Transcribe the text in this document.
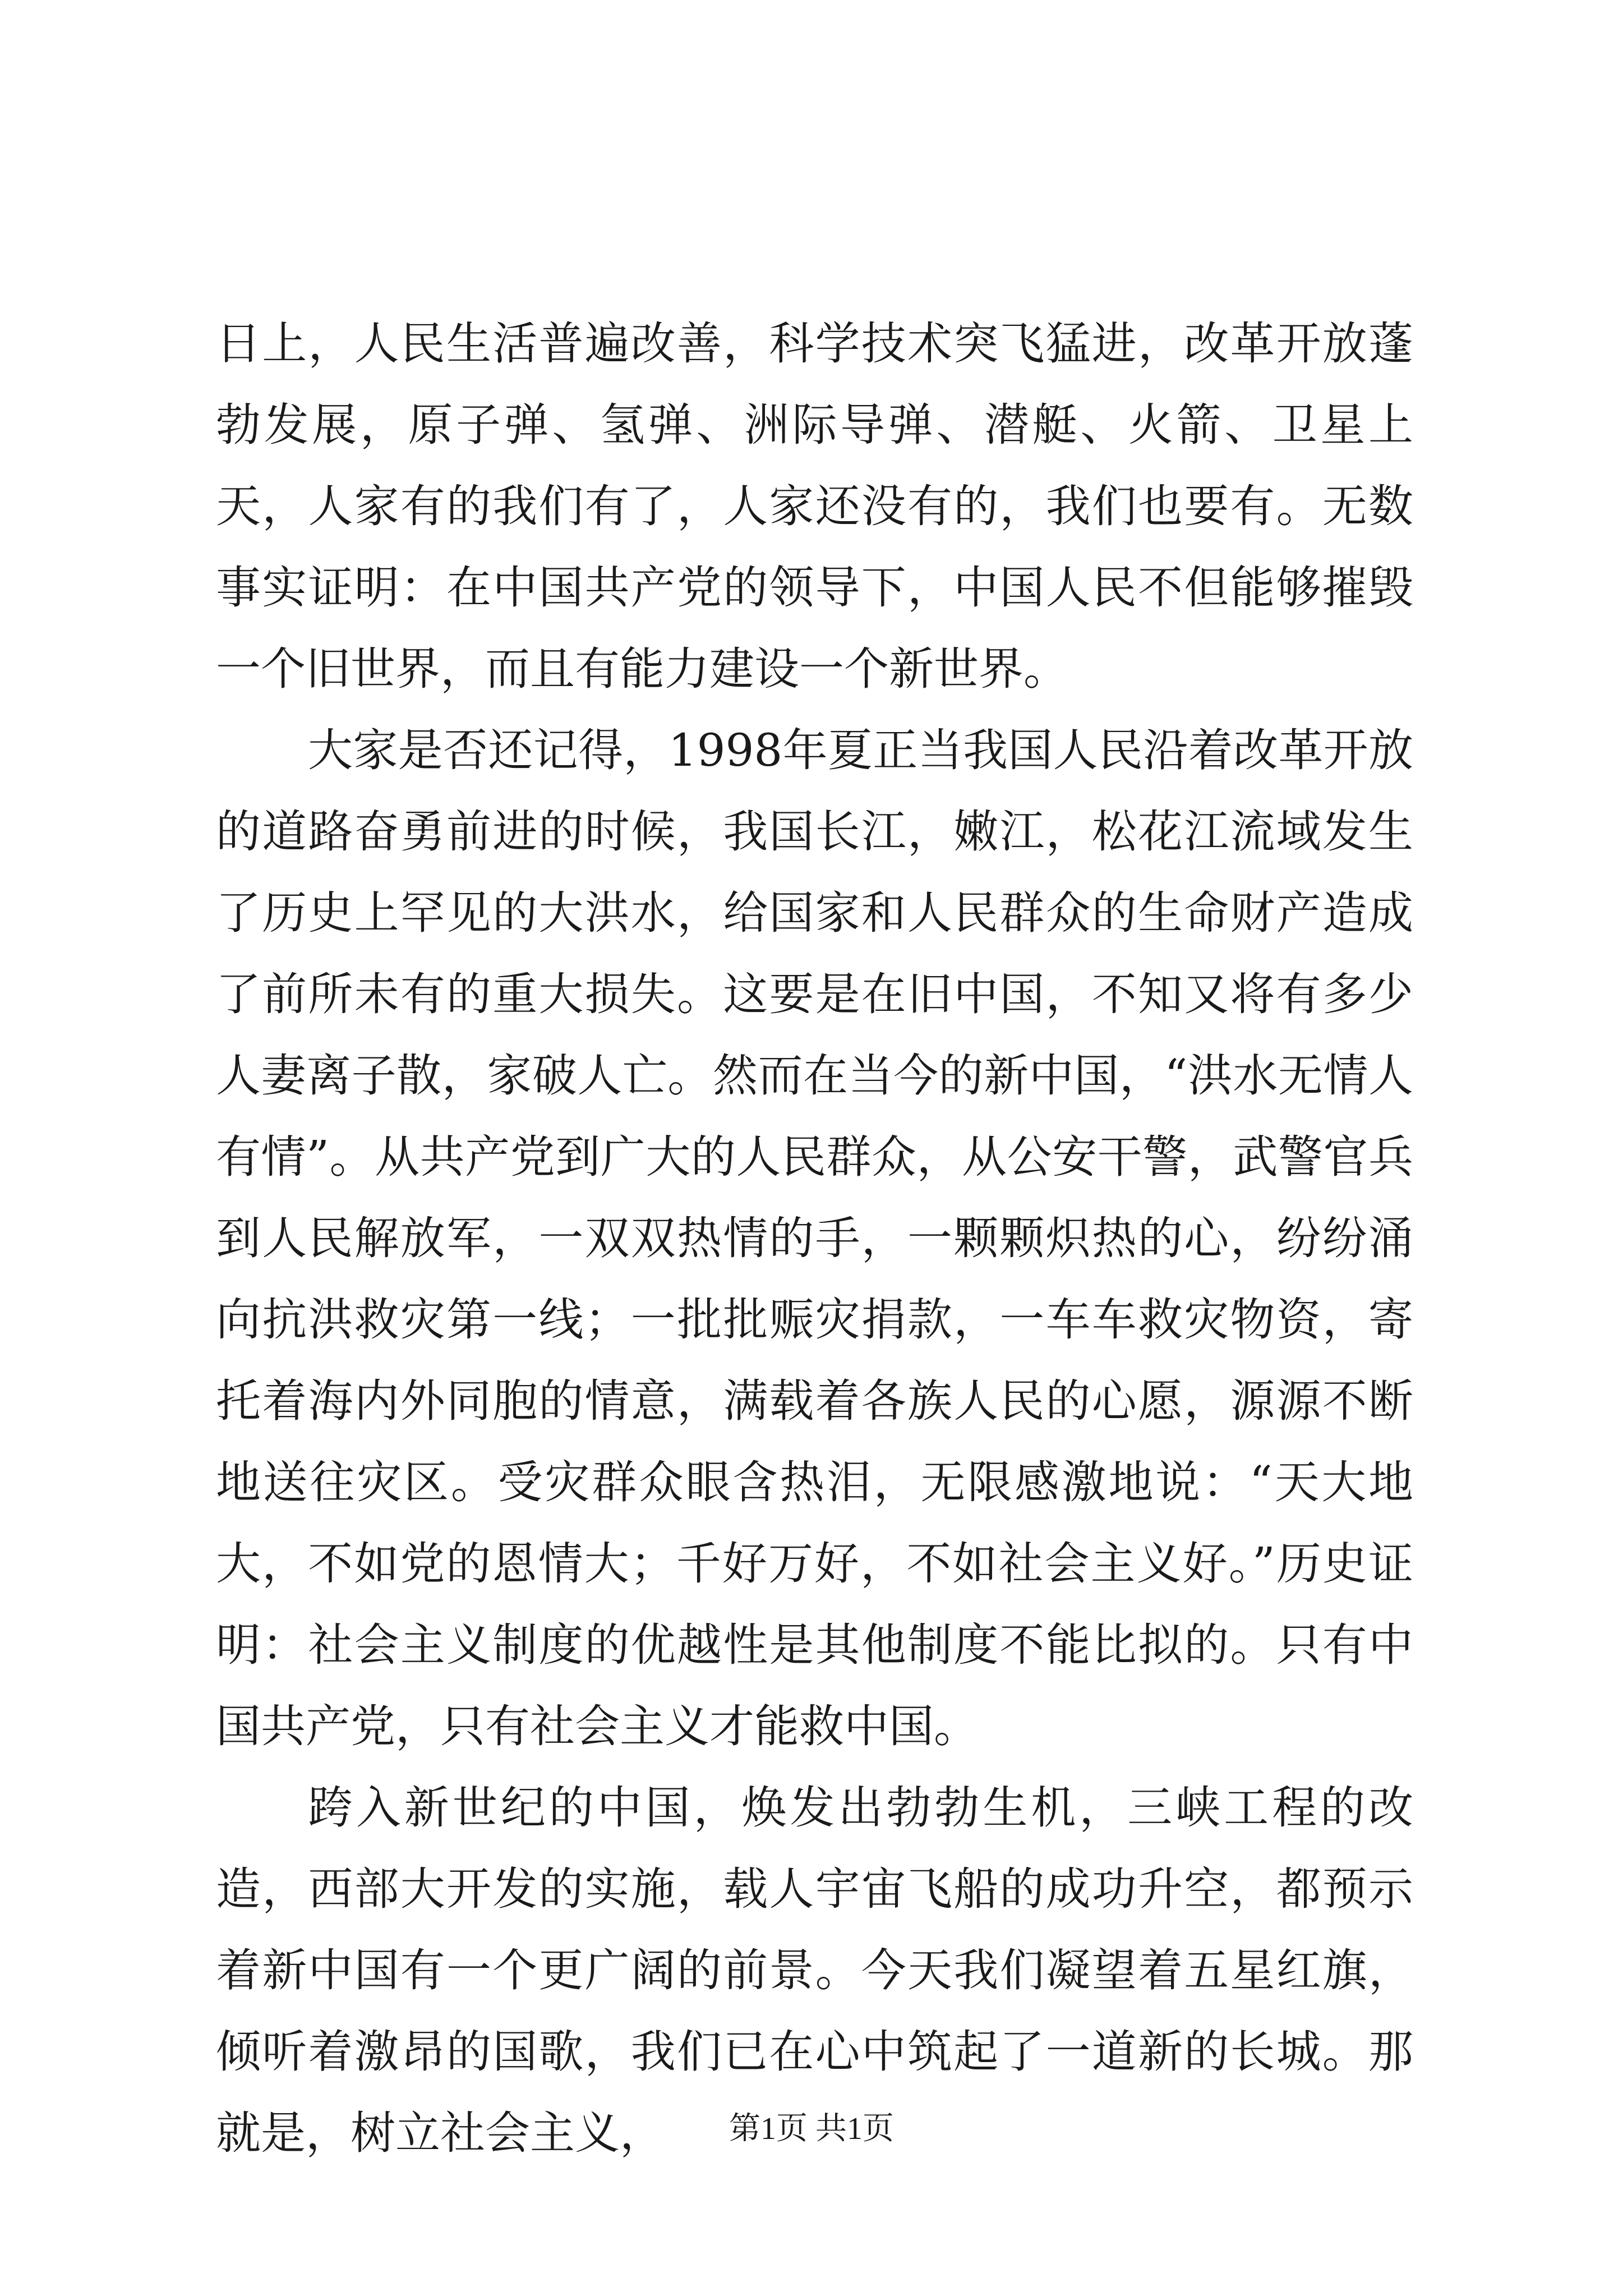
日上，人民生活普遍改善，科学技术突飞猛进，改革开放蓬勃发展，原子弹、氢弹、洲际导弹、潜艇、火箭、卫星上天，人家有的我们有了，人家还没有的，我们也要有。无数事实证明：在中国共产党的领导下，中国人民不但能够摧毁一个旧世界，而且有能力建设一个新世界。

大家是否还记得，1998年夏正当我国人民沿着改革开放的道路奋勇前进的时候，我国长江，嫩江，松花江流域发生了历史上罕见的大洪水，给国家和人民群众的生命财产造成了前所未有的重大损失。这要是在旧中国，不知又将有多少人妻离子散，家破人亡。然而在当今的新中国，“洪水无情人有情”。从共产党到广大的人民群众，从公安干警，武警官兵到人民解放军，一双双热情的手，一颗颗炽热的心，纷纷涌向抗洪救灾第一线；一批批赈灾捐款，一车车救灾物资，寄托着海内外同胞的情意，满载着各族人民的心愿，源源不断地送往灾区。受灾群众眼含热泪，无限感激地说：“天大地大，不如党的恩情大；千好万好，不如社会主义好。”历史证明：社会主义制度的优越性是其他制度不能比拟的。只有中国共产党，只有社会主义才能救中国。

跨入新世纪的中国，焕发出勃勃生机，三峡工程的改造，西部大开发的实施，载人宇宙飞船的成功升空，都预示着新中国有一个更广阔的前景。今天我们凝望着五星红旗，倾听着激昂的国歌，我们已在心中筑起了一道新的长城。那就是，树立社会主义，	第1页 共1页
